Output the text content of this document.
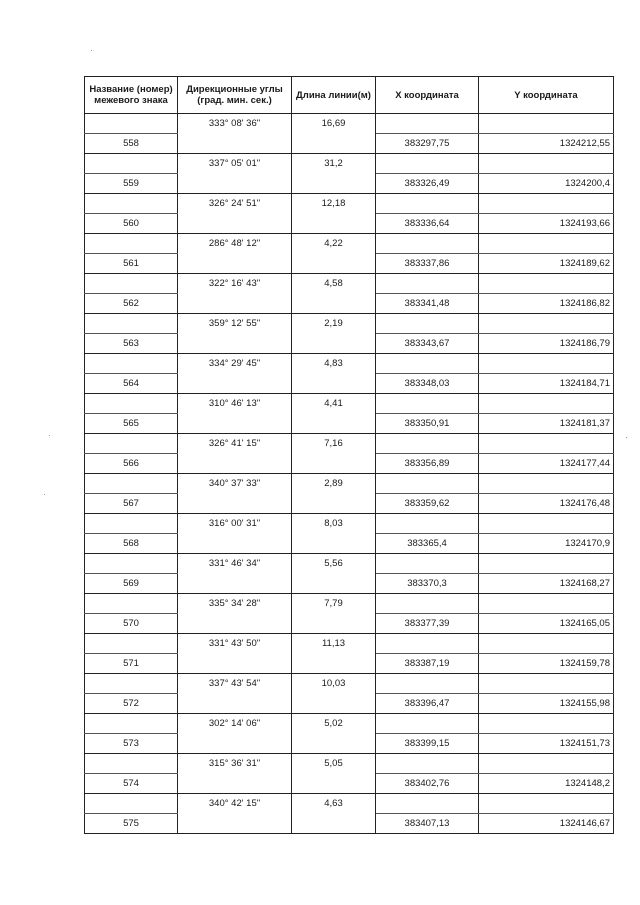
Название (номер) межевого знака	Дирекционные углы (град. мин. сек.)	Длина линии(м)	X координата	Y координата
	333° 08' 36"	16,69		
558			383297,75	1324212,55
	337° 05' 01"	31,2		
559			383326,49	1324200,4
	326° 24' 51"	12,18		
560			383336,64	1324193,66
	286° 48' 12"	4,22		
561			383337,86	1324189,62
	322° 16' 43"	4,58		
562			383341,48	1324186,82
	359° 12' 55"	2,19		
563			383343,67	1324186,79
	334° 29' 45"	4,83		
564			383348,03	1324184,71
	310° 46' 13"	4,41		
565			383350,91	1324181,37
	326° 41' 15"	7,16		
566			383356,89	1324177,44
	340° 37' 33"	2,89		
567			383359,62	1324176,48
	316° 00' 31"	8,03		
568			383365,4	1324170,9
	331° 46' 34"	5,56		
569			383370,3	1324168,27
	335° 34' 28"	7,79		
570			383377,39	1324165,05
	331° 43' 50"	11,13		
571			383387,19	1324159,78
	337° 43' 54"	10,03		
572			383396,47	1324155,98
	302° 14' 06"	5,02		
573			383399,15	1324151,73
	315° 36' 31"	5,05		
574			383402,76	1324148,2
	340° 42' 15"	4,63		
575			383407,13	1324146,67
